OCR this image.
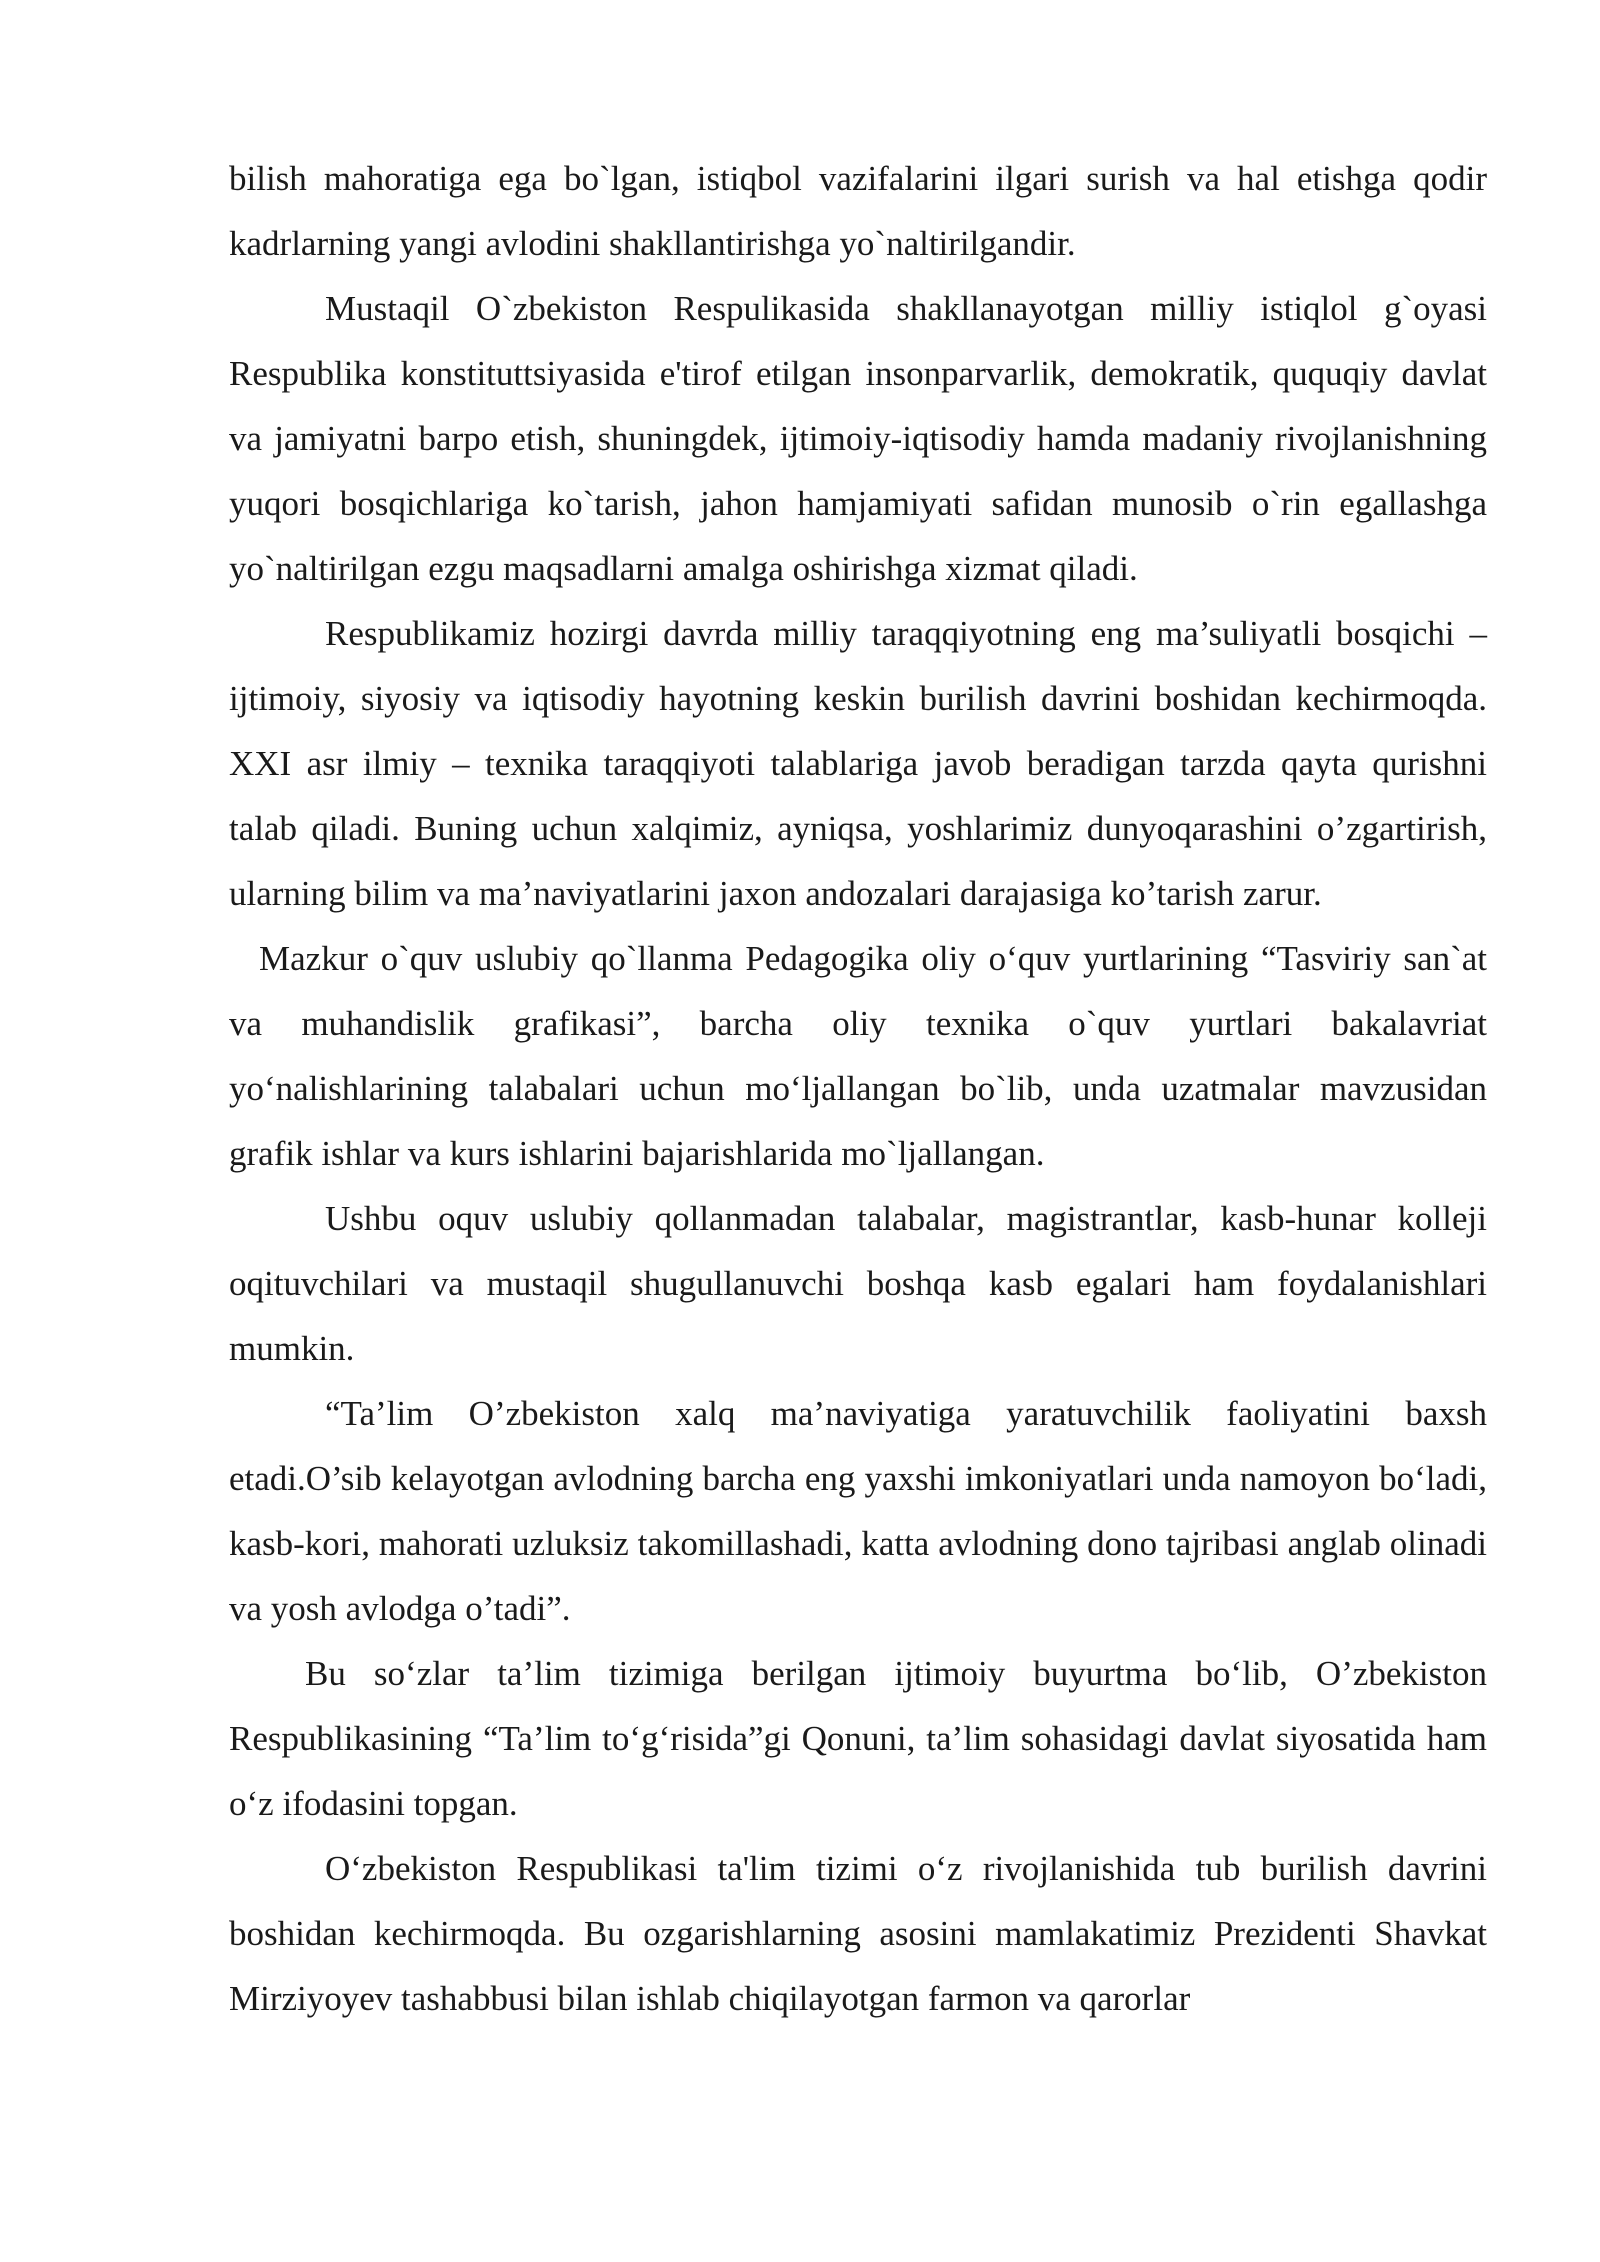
bilish mahoratiga ega bo`lgan, istiqbol vazifalarini ilgari surish va hal etishga qodir kadrlarning yangi avlodini shakllantirishga yo`naltirilgandir.

Mustaqil O`zbekiston Respulikasida shakllanayotgan milliy istiqlol g`oyasi Respublika konstituttsiyasida e'tirof etilgan insonparvarlik, demokratik, ququqiy davlat va jamiyatni barpo etish, shuningdek, ijtimoiy-iqtisodiy hamda madaniy rivojlanishning yuqori bosqichlariga ko`tarish, jahon hamjamiyati safidan munosib o`rin egallashga yo`naltirilgan ezgu maqsadlarni amalga oshirishga xizmat qiladi.

Respublikamiz hozirgi davrda milliy taraqqiyotning eng ma’suliyatli bosqichi – ijtimoiy, siyosiy va iqtisodiy hayotning keskin burilish davrini boshidan kechirmoqda. XXI asr ilmiy – texnika taraqqiyoti talablariga javob beradigan tarzda qayta qurishni talab qiladi. Buning uchun xalqimiz, ayniqsa, yoshlarimiz dunyoqarashini o’zgartirish, ularning bilim va ma’naviyatlarini jaxon andozalari darajasiga ko’tarish zarur.

Mazkur o`quv uslubiy qo`llanma Pedagogika oliy o‘quv yurtlarining “Tasviriy san`at va muhandislik grafikasi”, barcha oliy texnika o`quv yurtlari bakalavriat yo‘nalishlarining talabalari uchun mo‘ljallangan bo`lib, unda uzatmalar mavzusidan grafik ishlar va kurs ishlarini bajarishlarida mo`ljallangan.

Ushbu oquv uslubiy qollanmadan talabalar, magistrantlar, kasb-hunar kolleji oqituvchilari va mustaqil shugullanuvchi boshqa kasb egalari ham foydalanishlari mumkin.

“Ta’lim O’zbekiston xalq ma’naviyatiga yaratuvchilik faoliyatini baxsh etadi.O’sib kelayotgan avlodning barcha eng yaxshi imkoniyatlari unda namoyon bo‘ladi, kasb-kori, mahorati uzluksiz takomillashadi, katta avlodning dono tajribasi anglab olinadi va yosh avlodga o’tadi”.

Bu so‘zlar ta’lim tizimiga berilgan ijtimoiy buyurtma bo‘lib, O’zbekiston Respublikasining “Ta’lim to‘g‘risida”gi Qonuni, ta’lim sohasidagi davlat siyosatida ham o‘z ifodasini topgan.

O‘zbekiston Respublikasi ta'lim tizimi o‘z rivojlanishida tub burilish davrini boshidan kechirmoqda. Bu ozgarishlarning asosini mamlakatimiz Prezidenti Shavkat Mirziyoyev tashabbusi bilan ishlab chiqilayotgan farmon va qarorlar
